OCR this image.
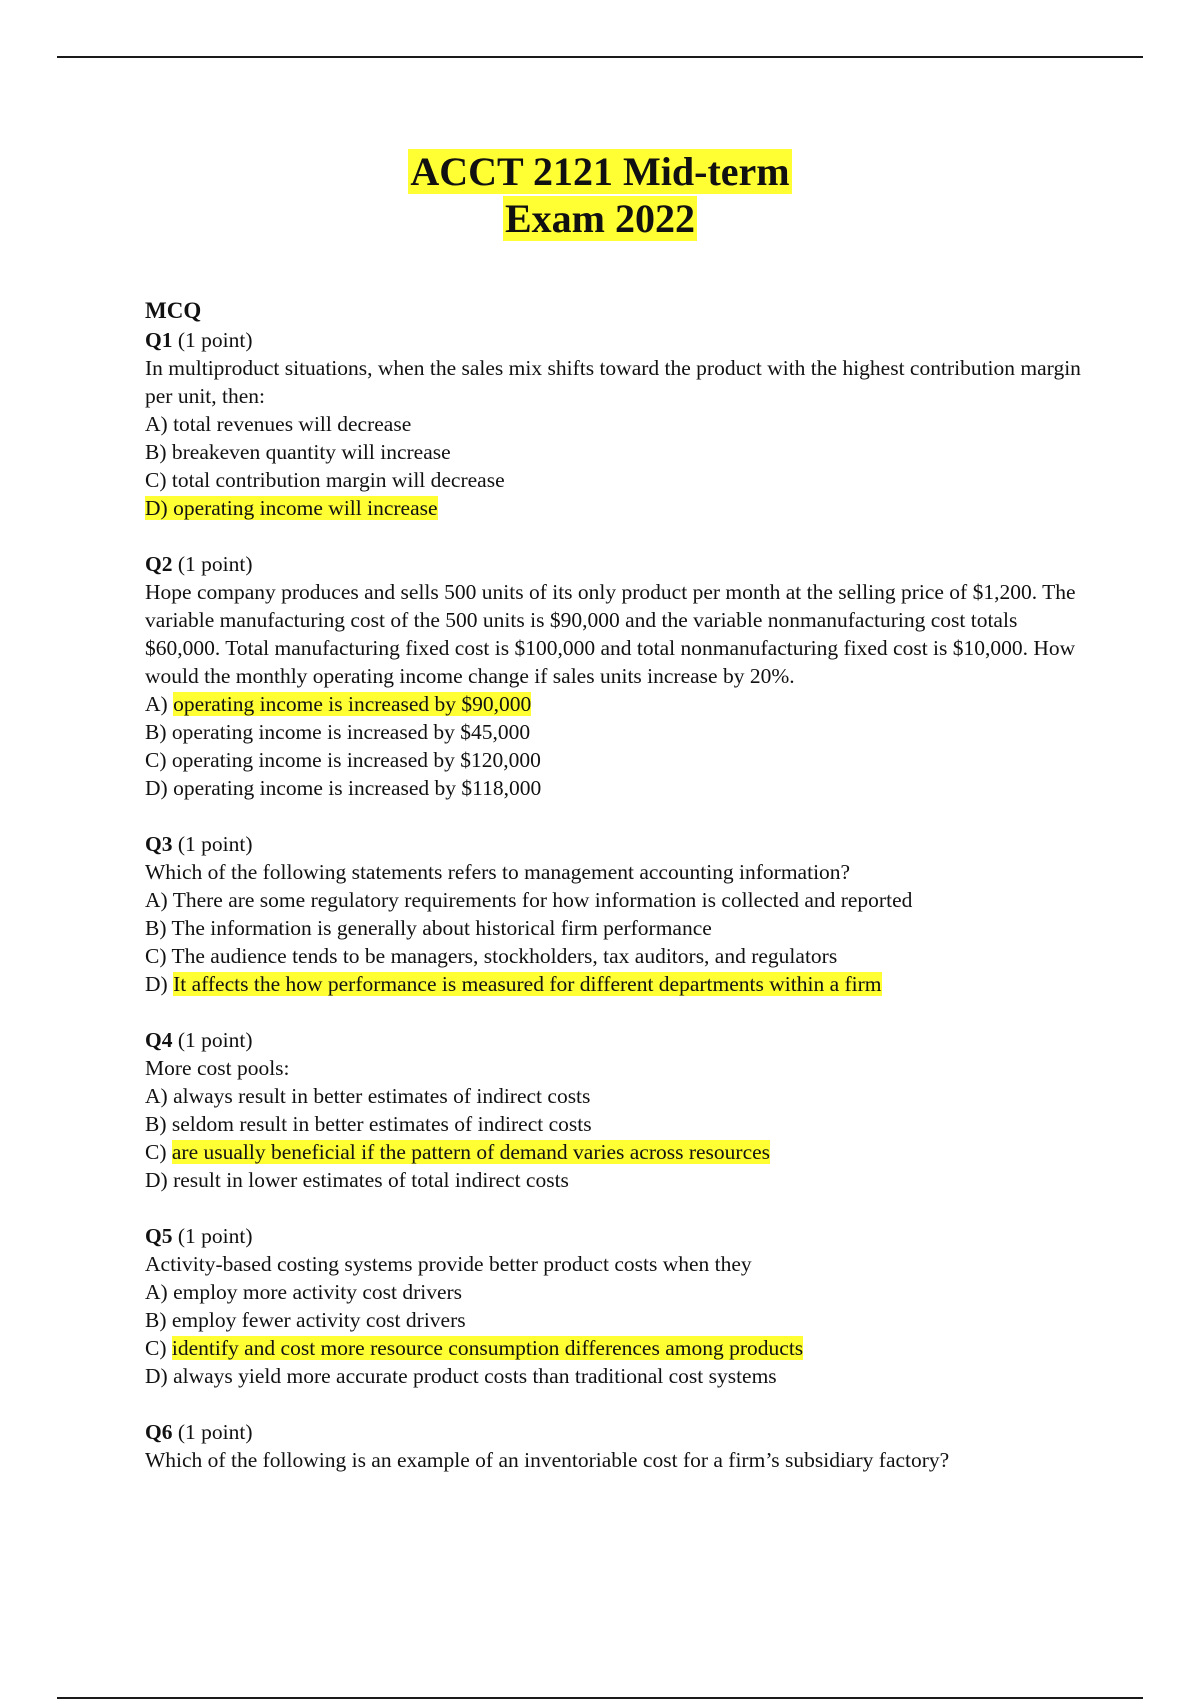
ACCT 2121 Mid-term
Exam 2022

MCQ

Q1 (1 point)

In multiproduct situations, when the sales mix shifts toward the product with the highest contribution margin per unit, then:

A) total revenues will decrease

B) breakeven quantity will increase

C) total contribution margin will decrease

D) operating income will increase

Q2 (1 point)

Hope company produces and sells 500 units of its only product per month at the selling price of $1,200. The variable manufacturing cost of the 500 units is $90,000 and the variable nonmanufacturing cost totals $60,000. Total manufacturing fixed cost is $100,000 and total nonmanufacturing fixed cost is $10,000. How would the monthly operating income change if sales units increase by 20%.

A) operating income is increased by $90,000

B) operating income is increased by $45,000

C) operating income is increased by $120,000

D) operating income is increased by $118,000

Q3 (1 point)

Which of the following statements refers to management accounting information?

A) There are some regulatory requirements for how information is collected and reported

B) The information is generally about historical firm performance

C) The audience tends to be managers, stockholders, tax auditors, and regulators

D) It affects the how performance is measured for different departments within a firm

Q4 (1 point)

More cost pools:

A) always result in better estimates of indirect costs

B) seldom result in better estimates of indirect costs

C) are usually beneficial if the pattern of demand varies across resources

D) result in lower estimates of total indirect costs

Q5 (1 point)

Activity-based costing systems provide better product costs when they

A) employ more activity cost drivers

B) employ fewer activity cost drivers

C) identify and cost more resource consumption differences among products

D) always yield more accurate product costs than traditional cost systems

Q6 (1 point)

Which of the following is an example of an inventoriable cost for a firm’s subsidiary factory?
